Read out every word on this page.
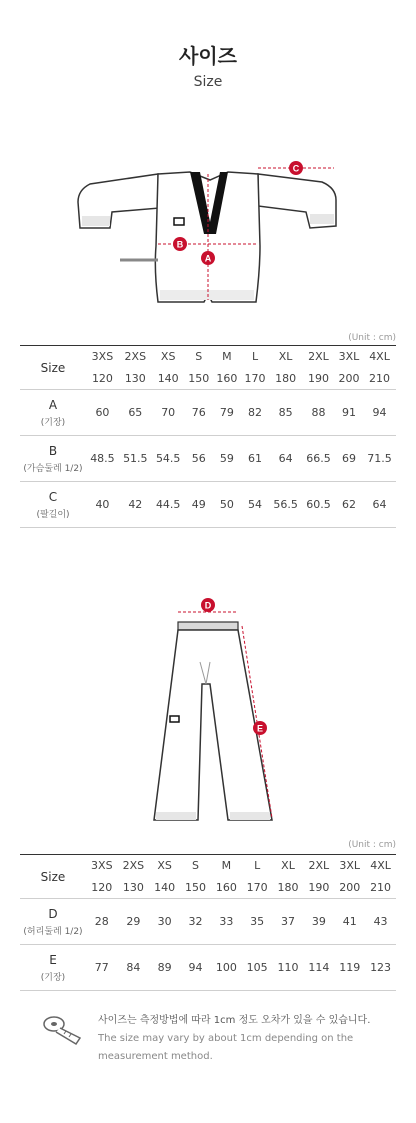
사이즈
Size
A
B
C
(Unit : cm)
Size	3XS	2XS	XS	S	M	L	XL	2XL	3XL	4XL
	120	130	140	150	160	170	180	190	200	210

A
(기장)	60	65	70	76	79	82	85	88	91	94

B
(가슴둘레 1/2)	48.5	51.5	54.5	56	59	61	64	66.5	69	71.5

C
(팔길이)	40	42	44.5	49	50	54	56.5	60.5	62	64
D
E
(Unit : cm)
Size	3XS	2XS	XS	S	M	L	XL	2XL	3XL	4XL
	120	130	140	150	160	170	180	190	200	210

D
(허리둘레 1/2)	28	29	30	32	33	35	37	39	41	43

E
(기장)	77	84	89	94	100	105	110	114	119	123
사이즈는 측정방법에 따라 1cm 정도 오차가 있을 수 있습니다.
The size may vary by about 1cm depending on the measurement method.
